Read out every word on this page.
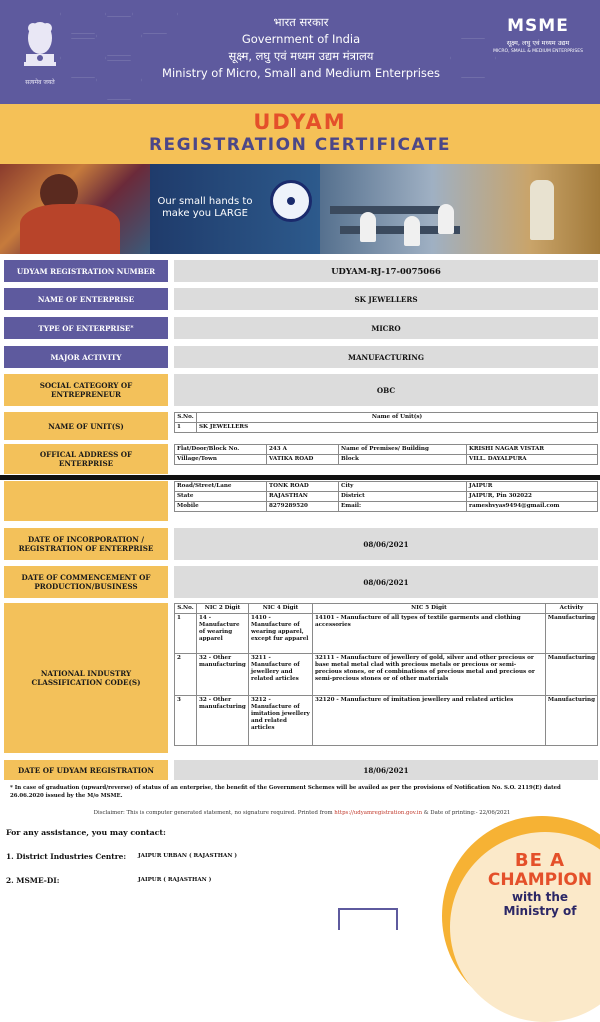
सत्यमेव जयते
भारत सरकार
Government of India
सूक्ष्म, लघु एवं मध्यम उद्यम मंत्रालय
Ministry of Micro, Small and Medium Enterprises
MSME
सूक्ष्म, लघु एवं मध्यम उद्यम
MICRO, SMALL & MEDIUM ENTERPRISES
UDYAM
REGISTRATION CERTIFICATE
Our small hands to
make you LARGE
UDYAM REGISTRATION NUMBER	UDYAM-RJ-17-0075066
NAME OF ENTERPRISE	SK JEWELLERS
TYPE OF ENTERPRISE *	MICRO
MAJOR ACTIVITY	MANUFACTURING
SOCIAL CATEGORY OF ENTREPRENEUR	OBC
NAME OF UNIT(S)
S.No.	Name of Unit(s)
1	SK JEWELLERS
OFFICAL ADDRESS OF ENTERPRISE
Flat/Door/Block No.	243 A	Name of Premises/ Building	KRISHI NAGAR VISTAR
Village/Town	VATIKA ROAD	Block	VILL. DAYALPURA
Road/Street/Lane	TONK ROAD	City	JAIPUR
State	RAJASTHAN	District	JAIPUR, Pin 302022
Mobile	8279289520	Email:	rameshvyas9494@gmail.com
DATE OF INCORPORATION / REGISTRATION OF ENTERPRISE	08/06/2021
DATE OF COMMENCEMENT OF PRODUCTION/BUSINESS	08/06/2021
NATIONAL INDUSTRY CLASSIFICATION CODE(S)
S.No.	NIC 2 Digit	NIC 4 Digit	NIC 5 Digit	Activity
1	14 - Manufacture of wearing apparel	1410 - Manufacture of wearing apparel, except fur apparel	14101 - Manufacture of all types of textile garments and clothing accessories	Manufacturing
2	32 - Other manufacturing	3211 - Manufacture of jewellery and related articles	32111 - Manufacture of jewellery of gold, silver and other precious or base metal metal clad with precious metals or precious or semi-precious stones, or of combinations of precious metal and precious or semi-precious stones or of other materials	Manufacturing
3	32 - Other manufacturing	3212 - Manufacture of imitation jewellery and related articles	32120 - Manufacture of imitation jewellery and related articles	Manufacturing
DATE OF UDYAM REGISTRATION	18/06/2021
* In case of graduation (upward/reverse) of status of an enterprise, the benefit of the Government Schemes will be availed as per the provisions of Notification No. S.O. 2119(E) dated 26.06.2020 issued by the M/o MSME.
Disclaimer: This is computer generated statement, no signature required. Printed from https://udyamregistration.gov.in & Date of printing:- 22/06/2021
BE A
CHAMPION
with the
Ministry of
For any assistance, you may contact:
1. District Industries Centre: JAIPUR URBAN ( RAJASTHAN )
2. MSME-DI:	JAIPUR ( RAJASTHAN )
